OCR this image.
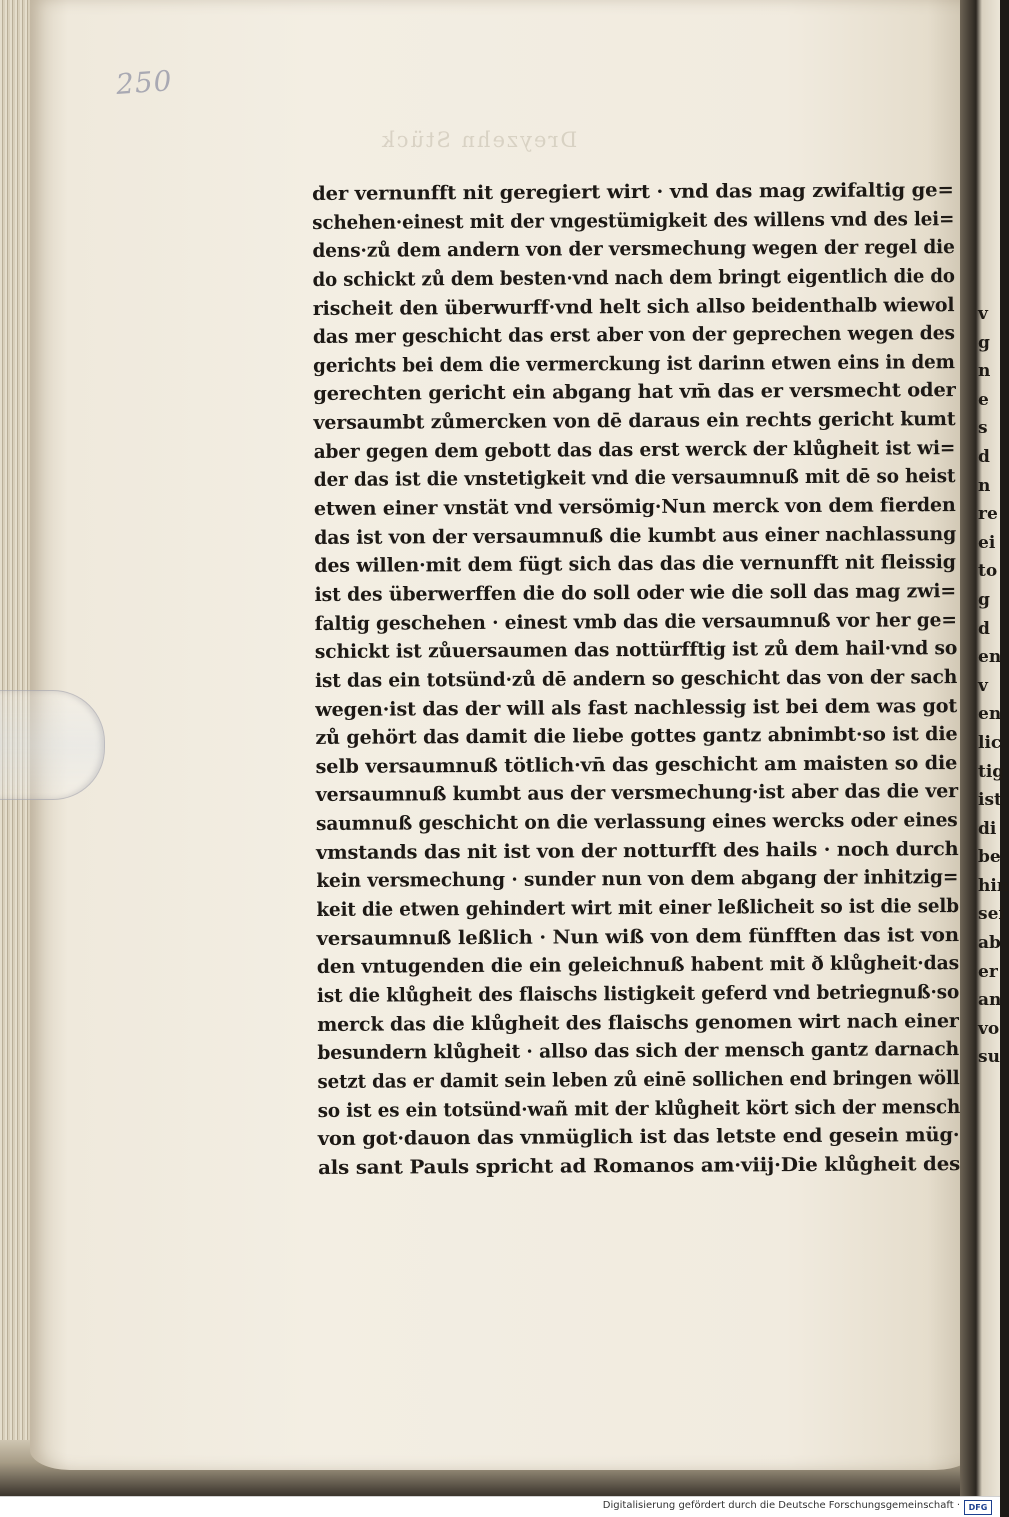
250
Dreyzehn Stück
der vernunfft nit geregiert wirt · vnd das mag zwifaltig ge=
schehen·einest mit der vngestümigkeit des willens vnd des lei=
dens·zů dem andern von der versmechung wegen der regel die
do schickt zů dem besten·vnd nach dem bringt eigentlich die do
rischeit den überwurff·vnd helt sich allso beidenthalb wiewol
das mer geschicht das erst aber von der geprechen wegen des
gerichts bei dem die vermerckung ist darinn etwen eins in dem
gerechten gericht ein abgang hat vm̄ das er versmecht oder
versaumbt zůmercken von dē daraus ein rechts gericht kumt
aber gegen dem gebott das das erst werck der klůgheit ist wi=
der das ist die vnstetigkeit vnd die versaumnuß mit dē so heist
etwen einer vnstät vnd versömig·Nun merck von dem fierden
das ist von der versaumnuß die kumbt aus einer nachlassung
des willen·mit dem fügt sich das das die vernunfft nit fleissig
ist des überwerffen die do soll oder wie die soll das mag zwi=
faltig geschehen · einest vmb das die versaumnuß vor her ge=
schickt ist zůuersaumen das nottürfftig ist zů dem hail·vnd so
ist das ein totsünd·zů dē andern so geschicht das von der sach
wegen·ist das der will als fast nachlessig ist bei dem was got
zů gehört das damit die liebe gottes gantz abnimbt·so ist die
selb versaumnuß tötlich·vn̄ das geschicht am maisten so die
versaumnuß kumbt aus der versmechung·ist aber das die ver
saumnuß geschicht on die verlassung eines wercks oder eines
vmstands das nit ist von der notturfft des hails · noch durch
kein versmechung · sunder nun von dem abgang der inhitzig=
keit die etwen gehindert wirt mit einer leßlicheit so ist die selb
versaumnuß leßlich · Nun wiß von dem fünfften das ist von
den vntugenden die ein geleichnuß habent mit ð klůgheit·das
ist die klůgheit des flaischs listigkeit geferd vnd betriegnuß·so
merck das die klůgheit des flaischs genomen wirt nach einer
besundern klůgheit · allso das sich der mensch gantz darnach
setzt das er damit sein leben zů einē sollichen end bringen wöll
so ist es ein totsünd·wañ mit der klůgheit kört sich der mensch
von got·dauon das vnmüglich ist das letste end gesein müg·
als sant Pauls spricht ad Romanos am·viij·Die klůgheit des
v
g
n
e
s
d
n
re
ei
to
g
d
en
v
en
lic
tig
ist
di
be
hin
sei
ab
er
an
vo
su
Digitalisierung gefördert durch die Deutsche Forschungsgemeinschaft ·	DFG
